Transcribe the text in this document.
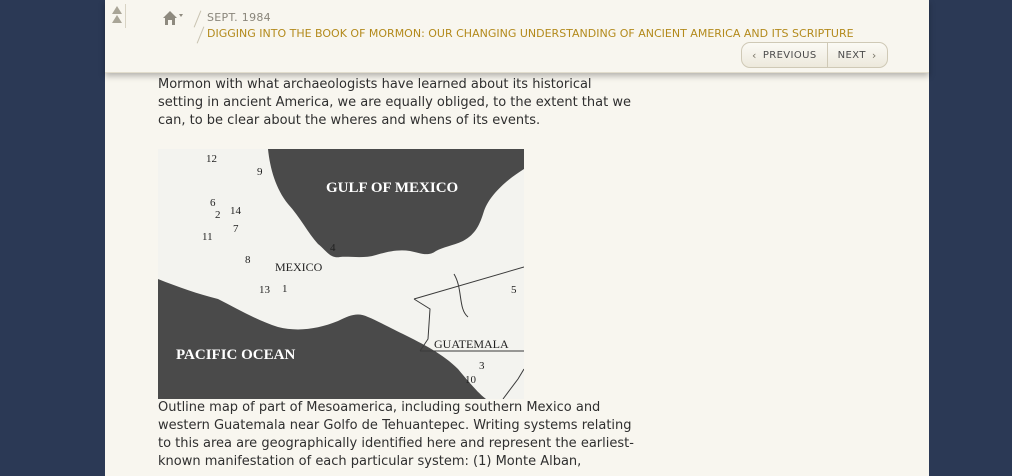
Mormon with what archaeologists have learned about its historical setting in ancient America, we are equally obliged, to the extent that we can, to be clear about the wheres and whens of its events.

GULF OF MEXICO
PACIFIC OCEAN
MEXICO
GUATEMALA
12
9
6
2 14
7
11
8
4
13 1	5
3
10

Outline map of part of Mesoamerica, including southern Mexico and western Guatemala near Golfo de Tehuantepec. Writing systems relating to this area are geographically identified here and represent the earliest-known manifestation of each particular system: (1) Monte Alban,

SEPT. 1984
DIGGING INTO THE BOOK OF MORMON: OUR CHANGING UNDERSTANDING OF ANCIENT AMERICA AND ITS SCRIPTURE
‹ PREVIOUS NEXT ›
